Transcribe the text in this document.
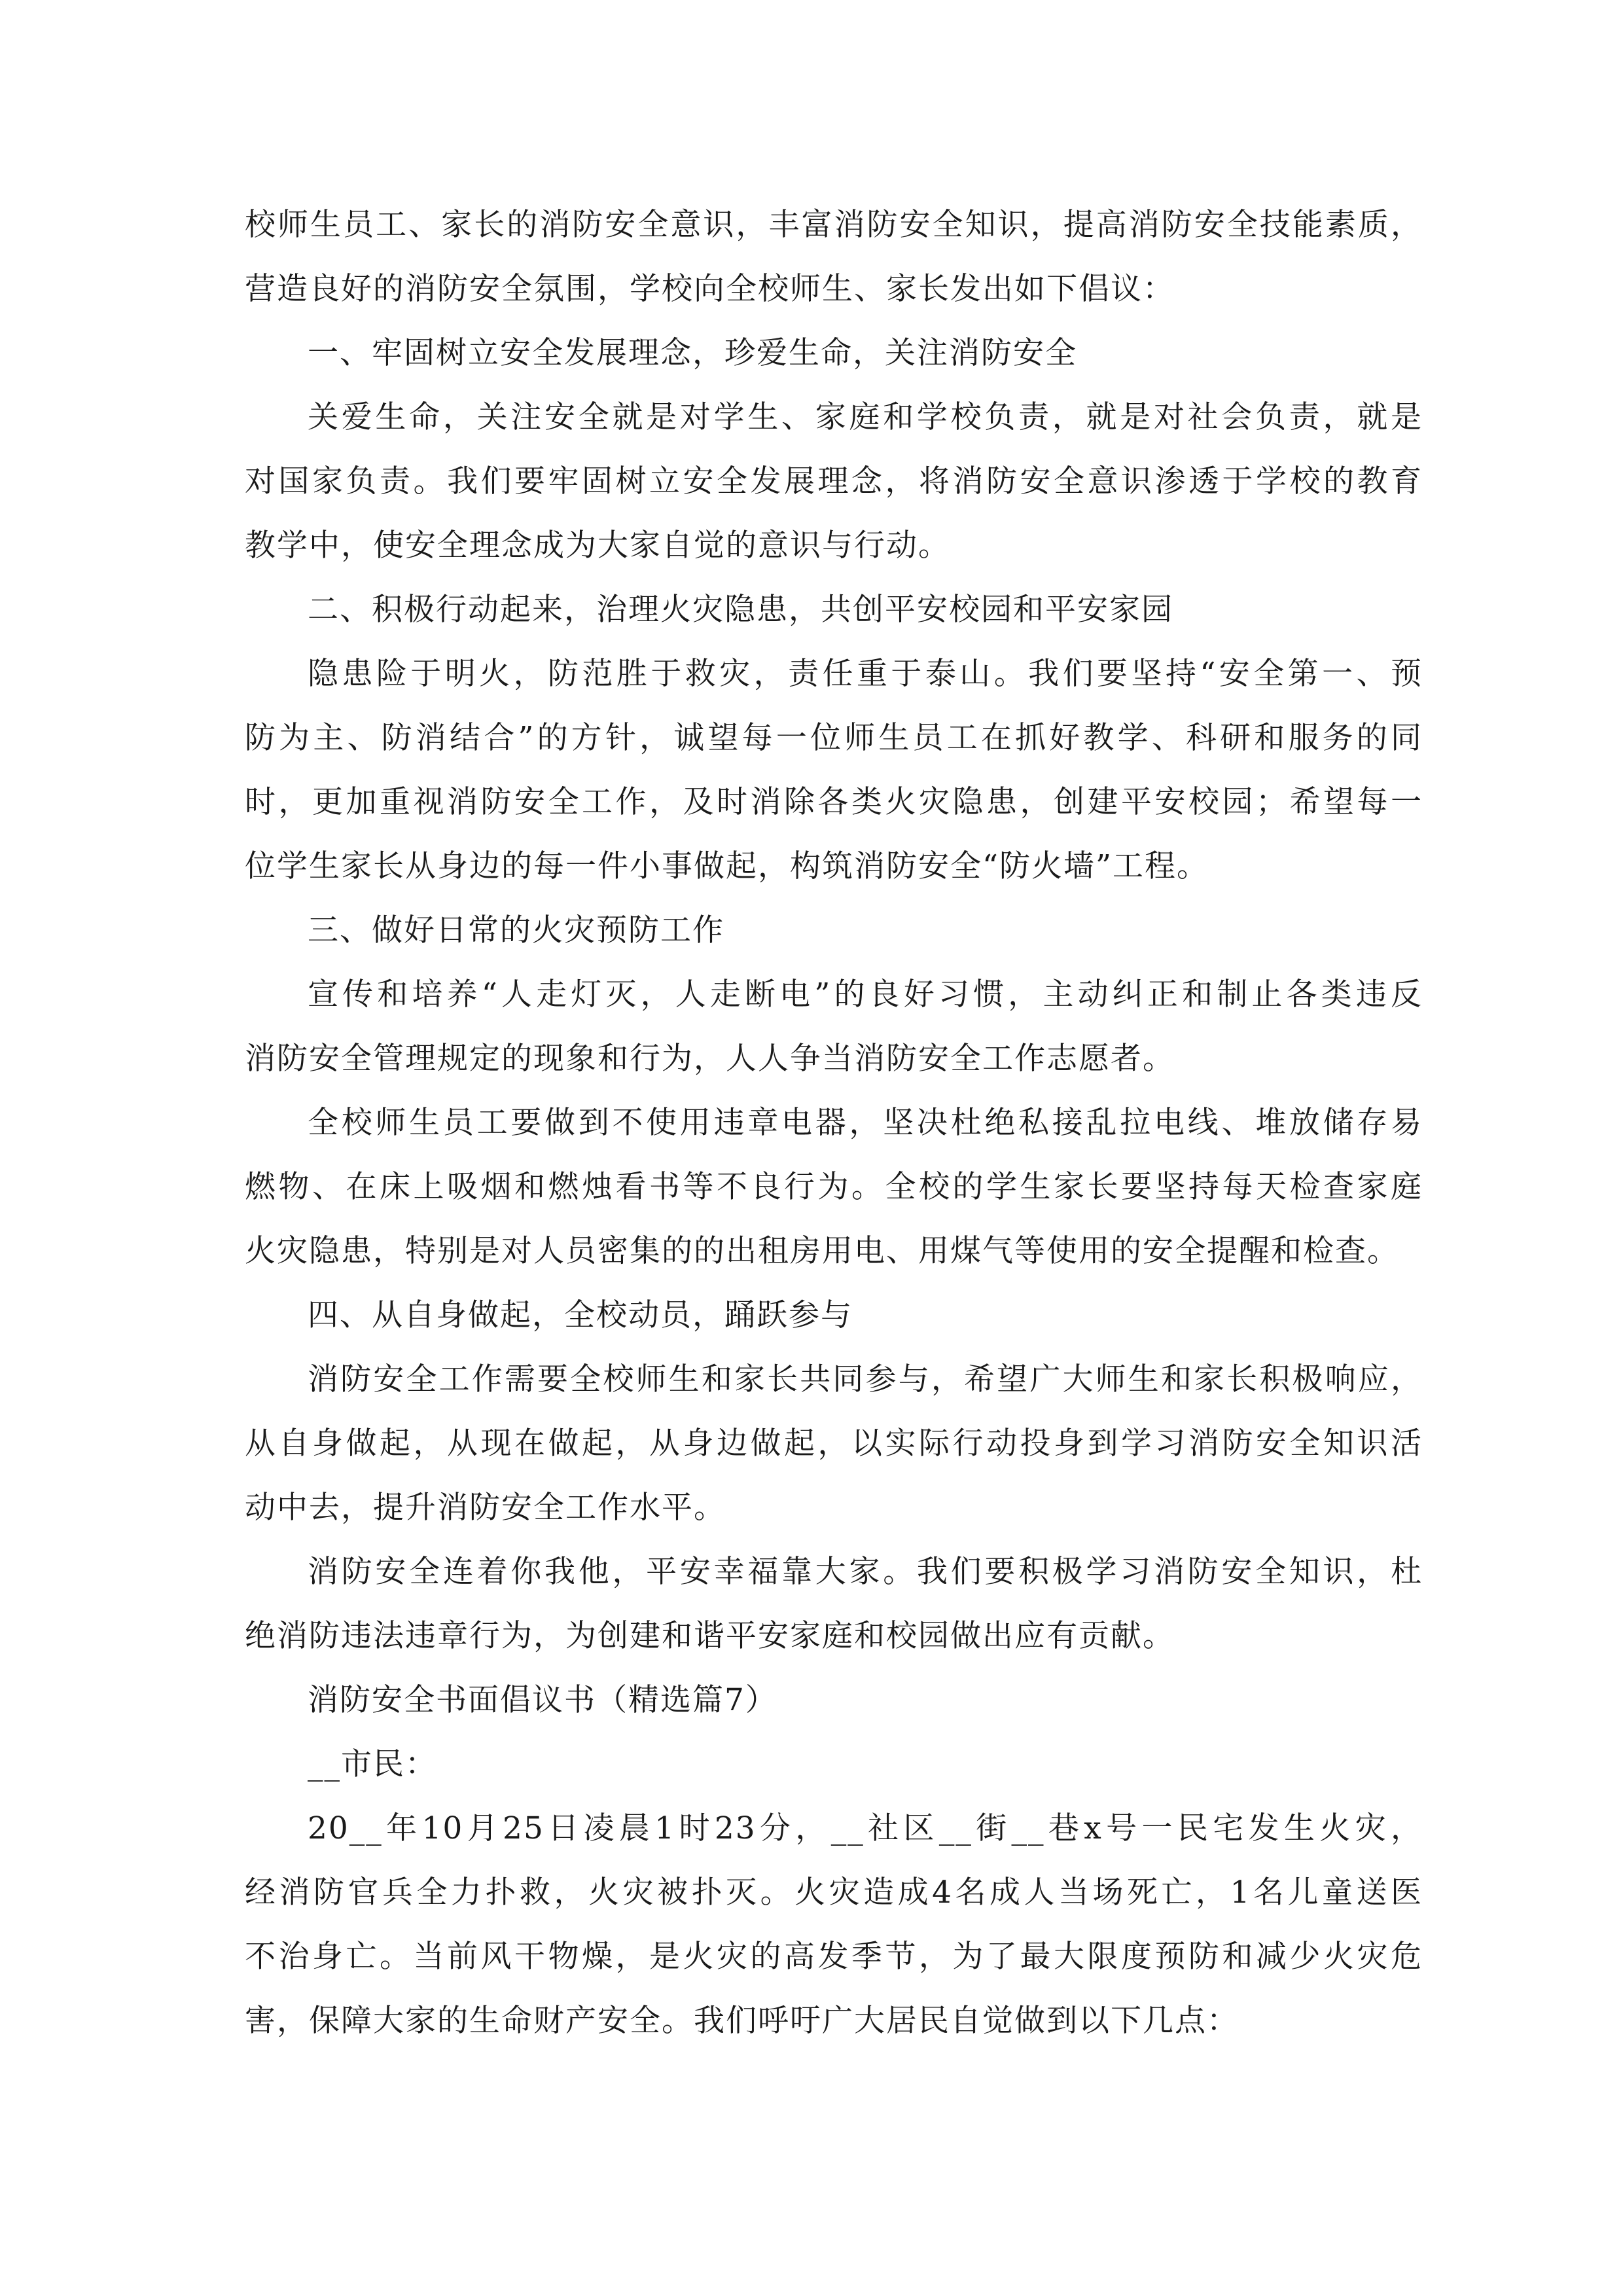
校师生员工、家长的消防安全意识，丰富消防安全知识，提高消防安全技能素质，
营造良好的消防安全氛围，学校向全校师生、家长发出如下倡议：
一、牢固树立安全发展理念，珍爱生命，关注消防安全
关爱生命，关注安全就是对学生、家庭和学校负责，就是对社会负责，就是
对国家负责。我们要牢固树立安全发展理念，将消防安全意识渗透于学校的教育
教学中，使安全理念成为大家自觉的意识与行动。
二、积极行动起来，治理火灾隐患，共创平安校园和平安家园
隐患险于明火，防范胜于救灾，责任重于泰山。我们要坚持“安全第一、预
防为主、防消结合”的方针，诚望每一位师生员工在抓好教学、科研和服务的同
时，更加重视消防安全工作，及时消除各类火灾隐患，创建平安校园；希望每一
位学生家长从身边的每一件小事做起，构筑消防安全“防火墙”工程。
三、做好日常的火灾预防工作
宣传和培养“人走灯灭，人走断电”的良好习惯，主动纠正和制止各类违反
消防安全管理规定的现象和行为，人人争当消防安全工作志愿者。
全校师生员工要做到不使用违章电器，坚决杜绝私接乱拉电线、堆放储存易
燃物、在床上吸烟和燃烛看书等不良行为。全校的学生家长要坚持每天检查家庭
火灾隐患，特别是对人员密集的的出租房用电、用煤气等使用的安全提醒和检查。
四、从自身做起，全校动员，踊跃参与
消防安全工作需要全校师生和家长共同参与，希望广大师生和家长积极响应，
从自身做起，从现在做起，从身边做起，以实际行动投身到学习消防安全知识活
动中去，提升消防安全工作水平。
消防安全连着你我他，平安幸福靠大家。我们要积极学习消防安全知识，杜
绝消防违法违章行为，为创建和谐平安家庭和校园做出应有贡献。
消防安全书面倡议书（精选篇7）
__市民：
20__年10月25日凌晨1时23分，__社区__街__巷x号一民宅发生火灾，
经消防官兵全力扑救，火灾被扑灭。火灾造成4名成人当场死亡，1名儿童送医
不治身亡。当前风干物燥，是火灾的高发季节，为了最大限度预防和减少火灾危
害，保障大家的生命财产安全。我们呼吁广大居民自觉做到以下几点：
